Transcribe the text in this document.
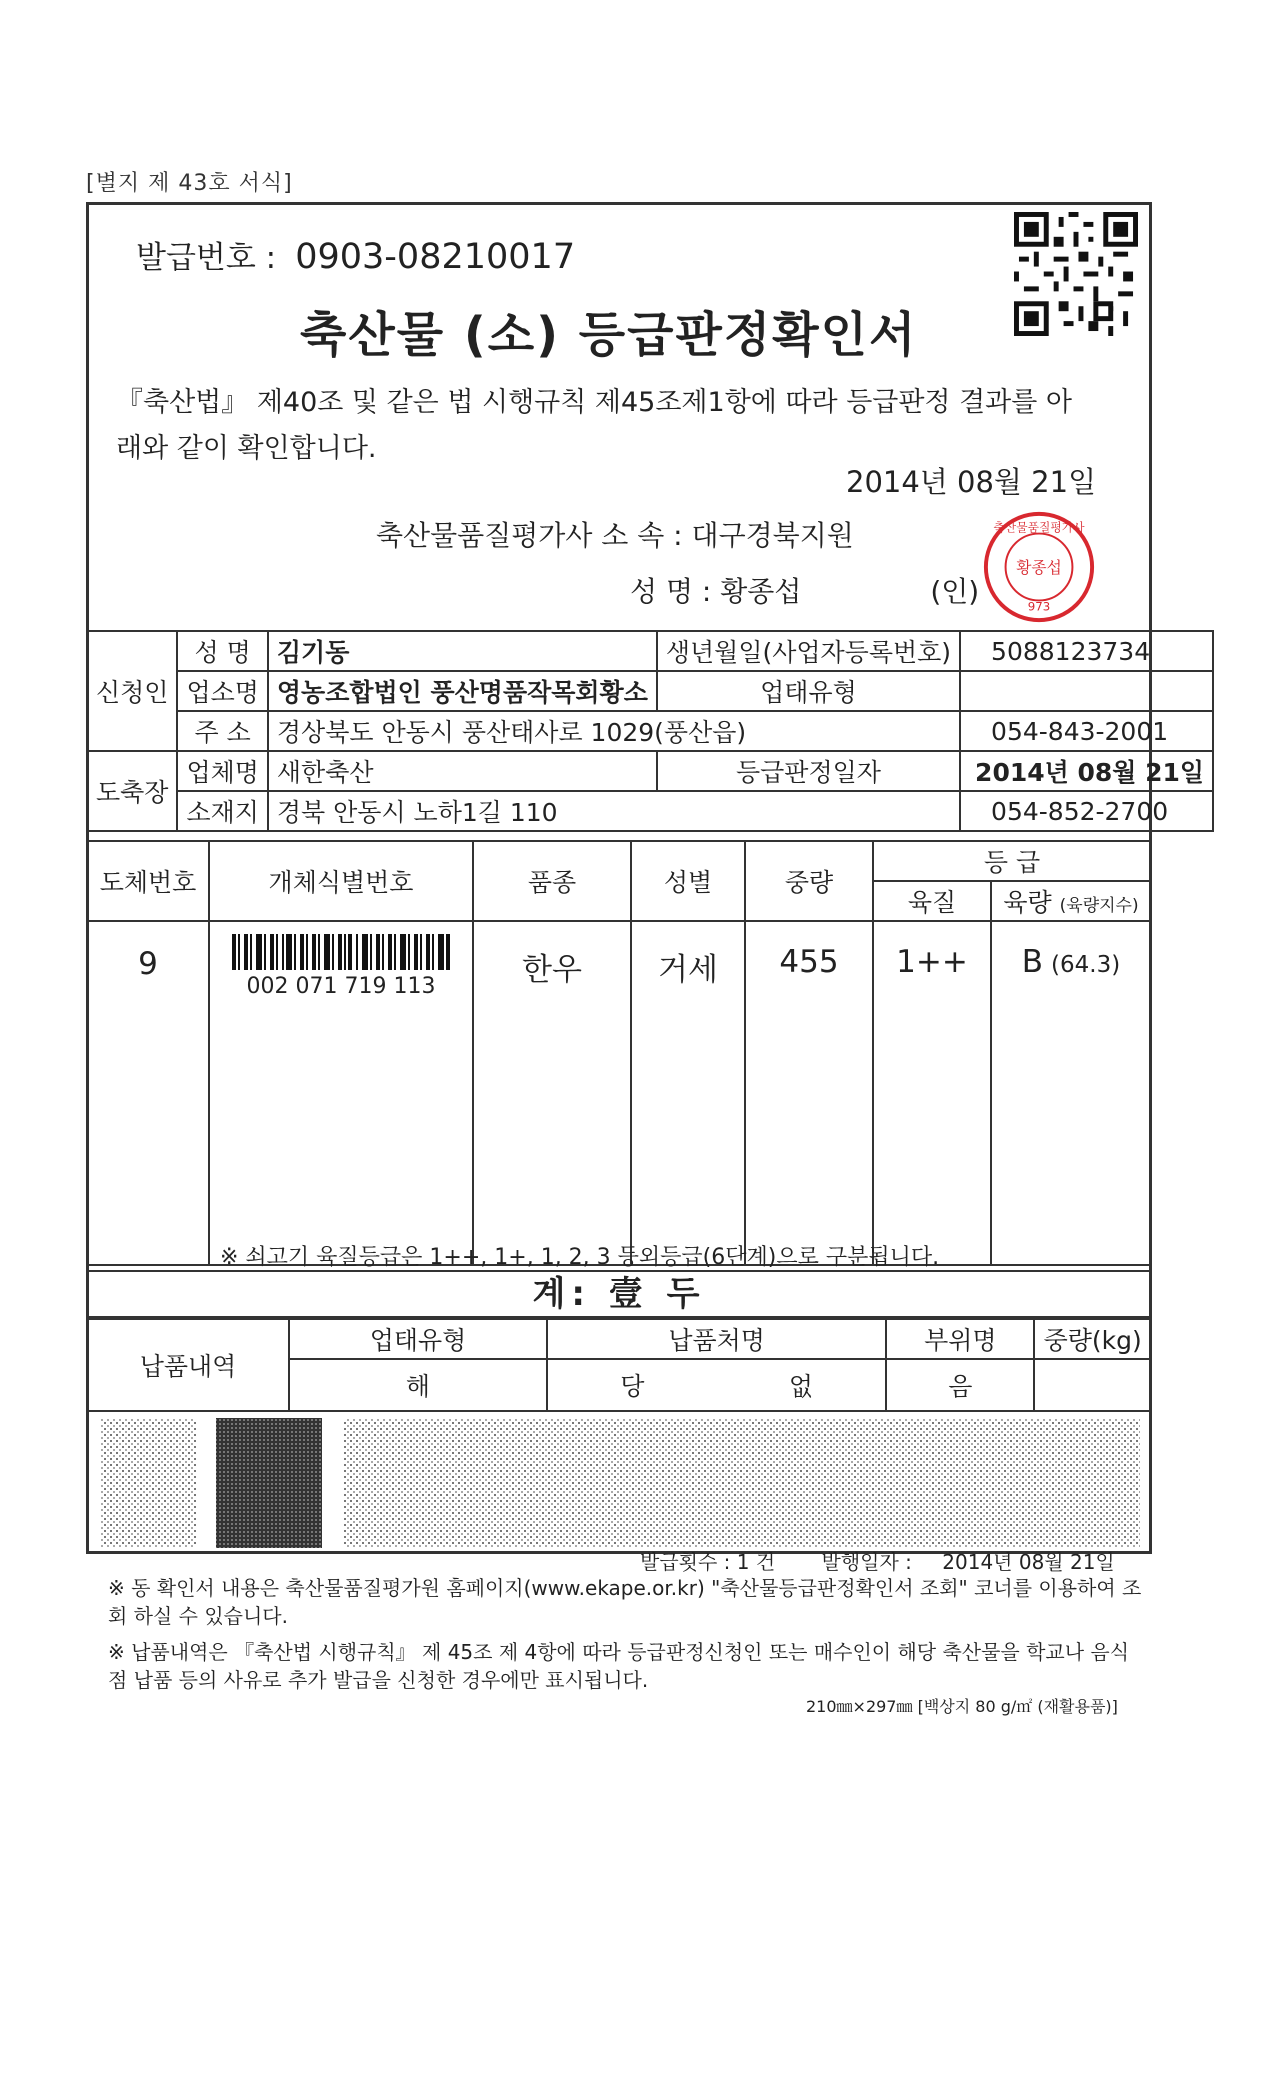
[별지 제 43호 서식]
발급번호 : 0903-08210017
축산물 (소) 등급판정확인서
『축산법』 제40조 및 같은 법 시행규칙 제45조제1항에 따라 등급판정 결과를 아래와 같이 확인합니다.
2014년 08월 21일
축산물품질평가사 소 속 : 대구경북지원
성 명 : 황종섭	(인)
축산물품질평가사
황종섭
973
신청인	성 명	김기동	생년월일(사업자등록번호)	5088123734
	업소명	영농조합법인 풍산명품작목회황소	업태유형	
	주 소	경상북도 안동시 풍산태사로 1029(풍산읍)		054-843-2001
도축장	업체명	새한축산	등급판정일자	2014년 08월 21일
	소재지	경북 안동시 노하1길 110		054-852-2700
도체번호	개체식별번호	품종	성별	중량	등 급	
					육질	육량 (육량지수)
9	002 071 719 113	한우	거세	455	1++	B (64.3)
※ 쇠고기 육질등급은 1++, 1+, 1, 2, 3 등외등급(6단계)으로 구분됩니다.
계: 壹 두
납품내역	업태유형	납품처명		부위명	중량(kg)
	해	당	없	음	
발급횟수 : 1 건 발행일자 : 2014년 08월 21일
※ 동 확인서 내용은 축산물품질평가원 홈페이지(www.ekape.or.kr) "축산물등급판정확인서 조회" 코너를 이용하여 조회 하실 수 있습니다.
※ 납품내역은 『축산법 시행규칙』 제 45조 제 4항에 따라 등급판정신청인 또는 매수인이 해당 축산물을 학교나 음식점 납품 등의 사유로 추가 발급을 신청한 경우에만 표시됩니다.
210㎜×297㎜ [백상지 80 g/㎡ (재활용품)]
